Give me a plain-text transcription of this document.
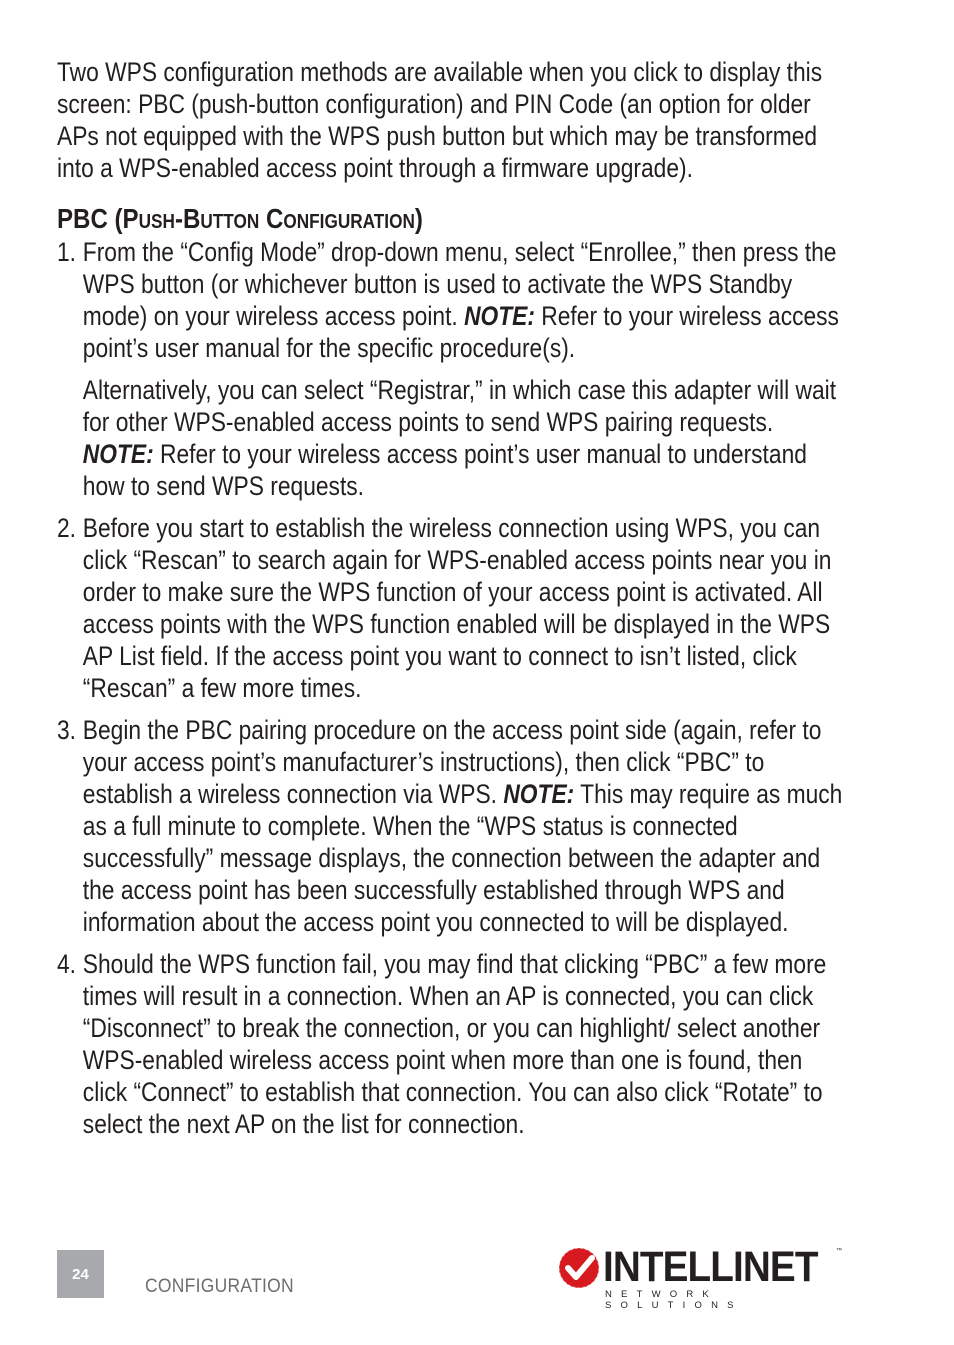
Two WPS configuration methods are available when you click to display this screen: PBC (push-button configuration) and PIN Code (an option for older APs not equipped with the WPS push button but which may be transformed into a WPS-enabled access point through a firmware upgrade).

PBC (Push-Button Configuration)
1. From the “Config Mode” drop-down menu, select “Enrollee,” then press the WPS button (or whichever button is used to activate the WPS Standby mode) on your wireless access point. NOTE: Refer to your wireless access point’s user manual for the specific procedure(s).

Alternatively, you can select “Registrar,” in which case this adapter will wait for other WPS-enabled access points to send WPS pairing requests. NOTE: Refer to your wireless access point’s user manual to understand how to send WPS requests.

2. Before you start to establish the wireless connection using WPS, you can click “Rescan” to search again for WPS-enabled access points near you in order to make sure the WPS function of your access point is activated. All access points with the WPS function enabled will be displayed in the WPS AP List field. If the access point you want to connect to isn’t listed, click “Rescan” a few more times.

3. Begin the PBC pairing procedure on the access point side (again, refer to your access point’s manufacturer’s instructions), then click “PBC” to establish a wireless connection via WPS. NOTE: This may require as much as a full minute to complete. When the “WPS status is connected successfully” message displays, the connection between the adapter and the access point has been successfully established through WPS and information about the access point you connected to will be displayed.

4. Should the WPS function fail, you may find that clicking “PBC” a few more times will result in a connection. When an AP is connected, you can click “Disconnect” to break the connection, or you can highlight/ select another WPS-enabled wireless access point when more than one is found, then click “Connect” to establish that connection. You can also click “Rotate” to select the next AP on the list for connection.

24
CONFIGURATION	INTELLINET	™
NETWORK SOLUTIONS
